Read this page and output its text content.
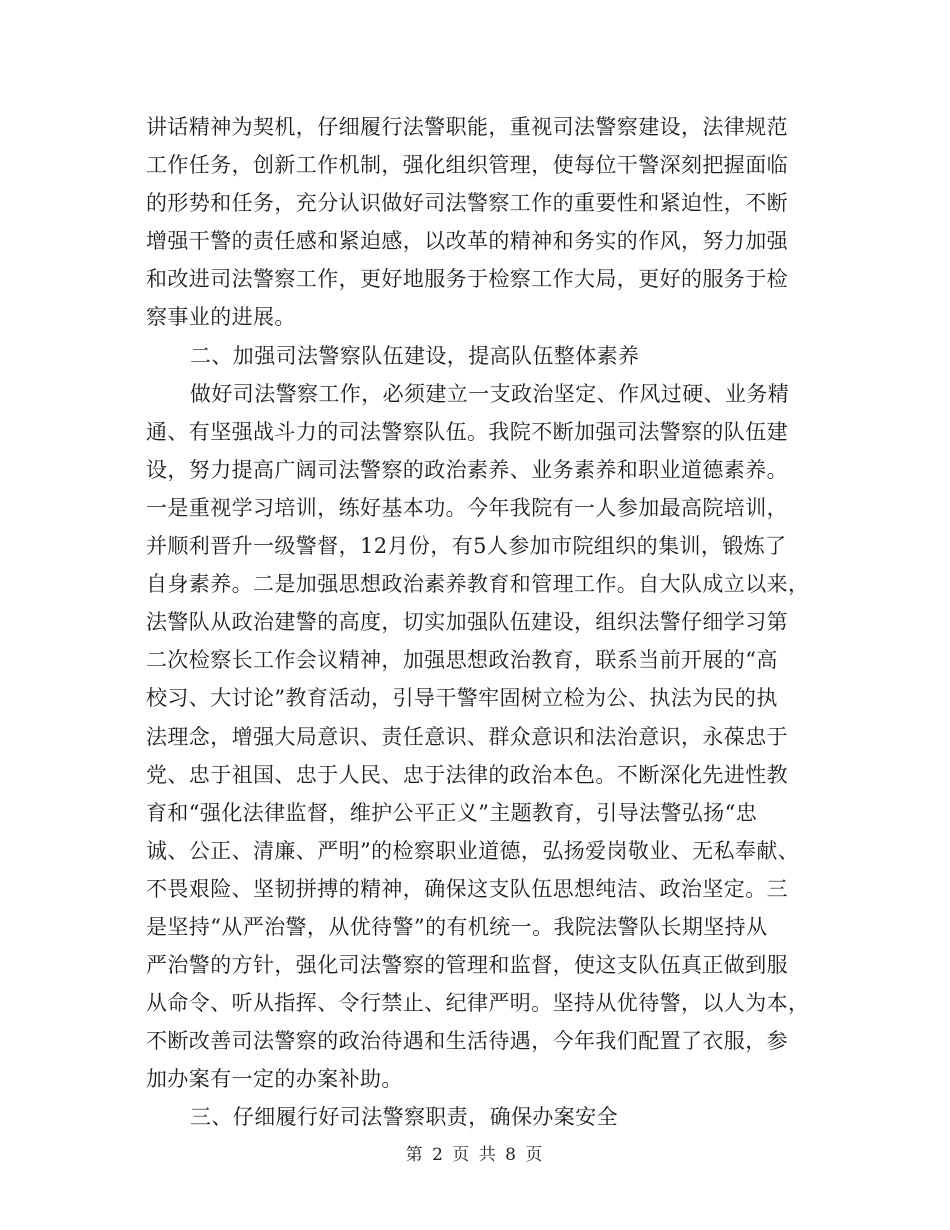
讲话精神为契机，仔细履行法警职能，重视司法警察建设，法律规范
工作任务，创新工作机制，强化组织管理，使每位干警深刻把握面临
的形势和任务，充分认识做好司法警察工作的重要性和紧迫性，不断
增强干警的责任感和紧迫感，以改革的精神和务实的作风，努力加强
和改进司法警察工作，更好地服务于检察工作大局，更好的服务于检
察事业的进展。
二、加强司法警察队伍建设，提高队伍整体素养
做好司法警察工作，必须建立一支政治坚定、作风过硬、业务精
通、有坚强战斗力的司法警察队伍。我院不断加强司法警察的队伍建
设，努力提高广阔司法警察的政治素养、业务素养和职业道德素养。
一是重视学习培训，练好基本功。今年我院有一人参加最高院培训，
并顺利晋升一级警督，12月份，有5人参加市院组织的集训，锻炼了
自身素养。二是加强思想政治素养教育和管理工作。自大队成立以来，
法警队从政治建警的高度，切实加强队伍建设，组织法警仔细学习第
二次检察长工作会议精神，加强思想政治教育，联系当前开展的“高
校习、大讨论”教育活动，引导干警牢固树立检为公、执法为民的执
法理念，增强大局意识、责任意识、群众意识和法治意识，永葆忠于
党、忠于祖国、忠于人民、忠于法律的政治本色。不断深化先进性教
育和“强化法律监督，维护公平正义”主题教育，引导法警弘扬“忠
诚、公正、清廉、严明”的检察职业道德，弘扬爱岗敬业、无私奉献、
不畏艰险、坚韧拼搏的精神，确保这支队伍思想纯洁、政治坚定。三
是坚持“从严治警，从优待警”的有机统一。我院法警队长期坚持从
严治警的方针，强化司法警察的管理和监督，使这支队伍真正做到服
从命令、听从指挥、令行禁止、纪律严明。坚持从优待警，以人为本，
不断改善司法警察的政治待遇和生活待遇，今年我们配置了衣服，参
加办案有一定的办案补助。
三、仔细履行好司法警察职责，确保办案安全
第 2 页 共 8 页
